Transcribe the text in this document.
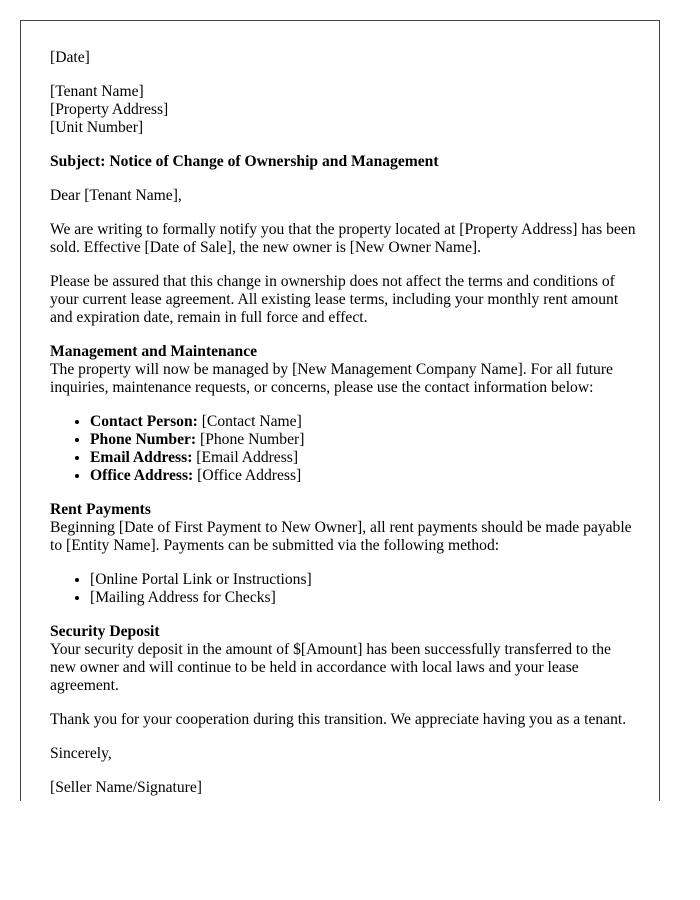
[Date]

[Tenant Name]
[Property Address]
[Unit Number]

Subject: Notice of Change of Ownership and Management

Dear [Tenant Name],

We are writing to formally notify you that the property located at [Property Address] has been sold. Effective [Date of Sale], the new owner is [New Owner Name].

Please be assured that this change in ownership does not affect the terms and conditions of your current lease agreement. All existing lease terms, including your monthly rent amount and expiration date, remain in full force and effect.

Management and Maintenance

The property will now be managed by [New Management Company Name]. For all future inquiries, maintenance requests, or concerns, please use the contact information below:

• Contact Person: [Contact Name]
• Phone Number: [Phone Number]
• Email Address: [Email Address]
• Office Address: [Office Address]
Rent Payments

Beginning [Date of First Payment to New Owner], all rent payments should be made payable to [Entity Name]. Payments can be submitted via the following method:

• [Online Portal Link or Instructions]
• [Mailing Address for Checks]
Security Deposit

Your security deposit in the amount of $[Amount] has been successfully transferred to the new owner and will continue to be held in accordance with local laws and your lease agreement.

Thank you for your cooperation during this transition. We appreciate having you as a tenant.

Sincerely,

[Seller Name/Signature]
